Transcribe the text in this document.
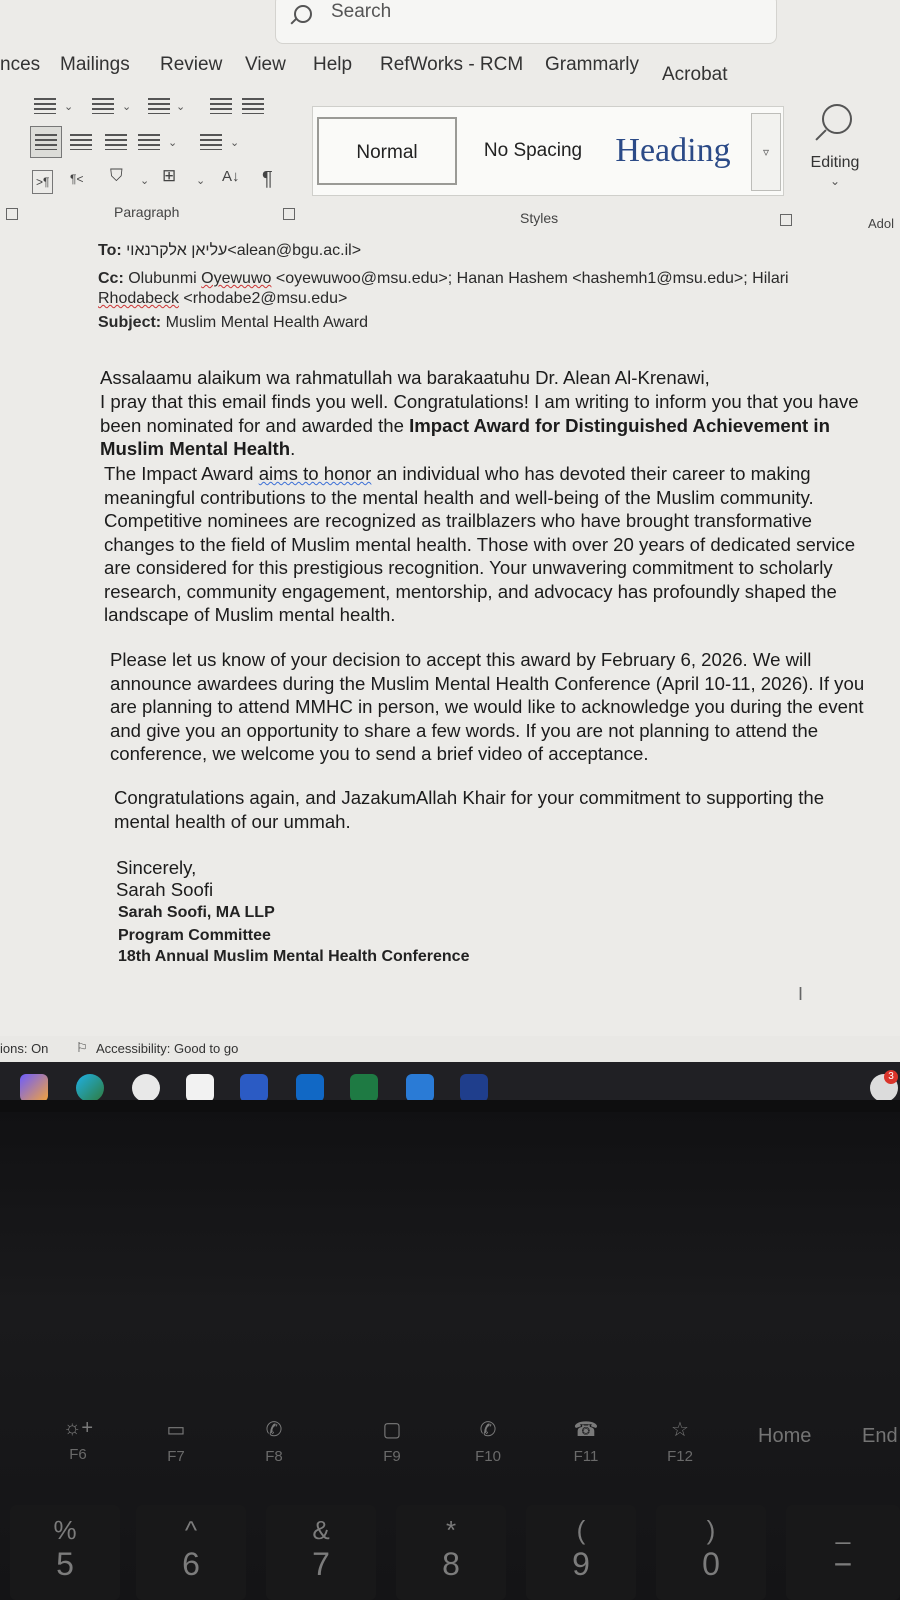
Search
nces Mailings Review View Help RefWorks - RCM Grammarly Acrobat
⌄	⌄	⌄
⌄	⌄
>¶	¶< ⛉ ⌄ ⊞ ⌄ A↓ ¶
Paragraph
Normal	No Spacing Heading	▿
Styles
Editing
⌄
Adol
To: עליאן אלקרנאוי<alean@bgu.ac.il>
Cc: Olubunmi Oyewuwo <oyewuwoo@msu.edu>; Hanan Hashem <hashemh1@msu.edu>; Hilari
Rhodabeck <rhodabe2@msu.edu>
Subject: Muslim Mental Health Award
Assalaamu alaikum wa rahmatullah wa barakaatuhu Dr. Alean Al-Krenawi,
I pray that this email finds you well. Congratulations! I am writing to inform you that you have been nominated for and awarded the Impact Award for Distinguished Achievement in Muslim Mental Health.
The Impact Award aims to honor an individual who has devoted their career to making meaningful contributions to the mental health and well-being of the Muslim community. Competitive nominees are recognized as trailblazers who have brought transformative changes to the field of Muslim mental health. Those with over 20 years of dedicated service are considered for this prestigious recognition. Your unwavering commitment to scholarly research, community engagement, mentorship, and advocacy has profoundly shaped the landscape of Muslim mental health.
Please let us know of your decision to accept this award by February 6, 2026. We will announce awardees during the Muslim Mental Health Conference (April 10-11, 2026). If you are planning to attend MMHC in person, we would like to acknowledge you during the event and give you an opportunity to share a few words. If you are not planning to attend the conference, we welcome you to send a brief video of acceptance.
Congratulations again, and JazakumAllah Khair for your commitment to supporting the mental health of our ummah.
Sincerely,
Sarah Soofi
Sarah Soofi, MA LLP
Program Committee
18th Annual Muslim Mental Health Conference
I
ions: On ⚐ Accessibility: Good to go
3
☼+
F6
▭
F7
✆
F8
▢
F9
✆
F10
☎
F11
☆
F12
Home	End
%
5
^
6
&
7
*
8
(
9
)
0
_
−
